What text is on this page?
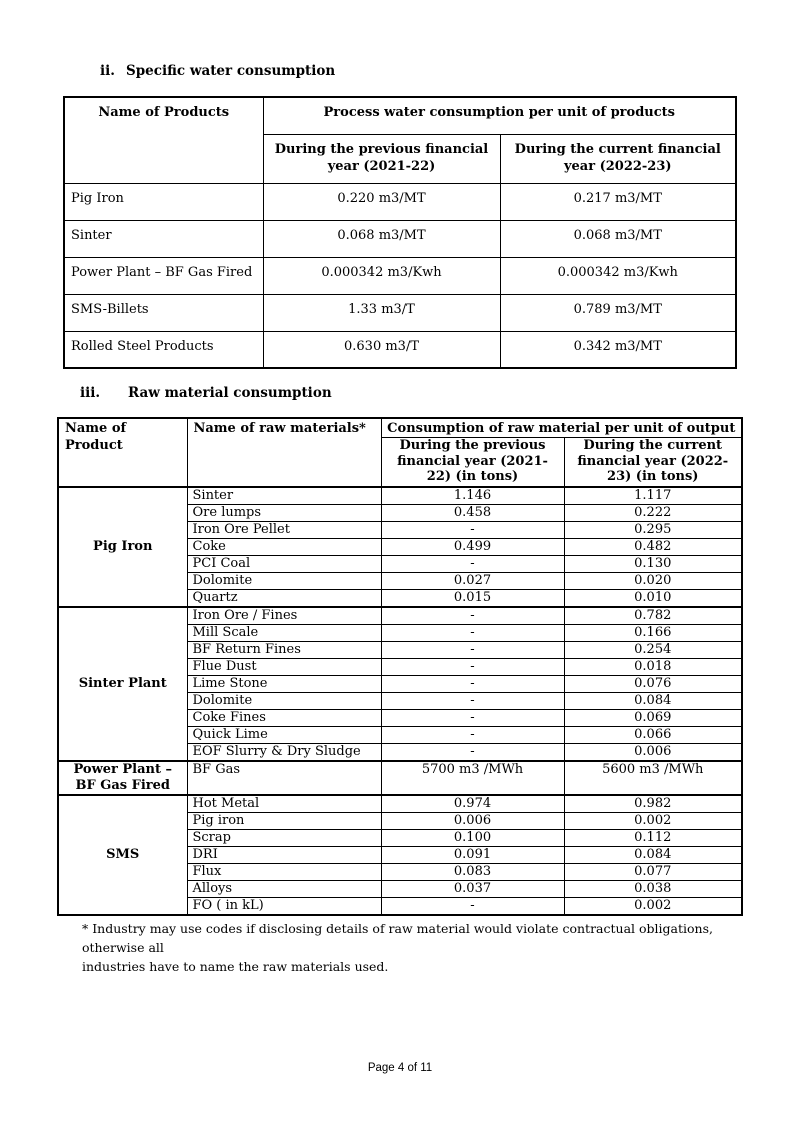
ii. Specific water consumption
Name of Products	Process water consumption per unit of products	
	During the previous financial year (2021-22)	During the current financial year (2022-23)
Pig Iron	0.220 m3/MT	0.217 m3/MT
Sinter	0.068 m3/MT	0.068 m3/MT
Power Plant – BF Gas Fired	0.000342 m3/Kwh	0.000342 m3/Kwh
SMS-Billets	1.33 m3/T	0.789 m3/MT
Rolled Steel Products	0.630 m3/T	0.342 m3/MT
iii. Raw material consumption
Name of Product	Name of raw materials*	Consumption of raw material per unit of output	
		During the previous financial year (2021-22) (in tons)	During the current financial year (2022-23) (in tons)
Pig Iron	Sinter	1.146	1.117
	Ore lumps	0.458	0.222
	Iron Ore Pellet	-	0.295
	Coke	0.499	0.482
	PCI Coal	-	0.130
	Dolomite	0.027	0.020
	Quartz	0.015	0.010
Sinter Plant	Iron Ore / Fines	-	0.782
	Mill Scale	-	0.166
	BF Return Fines	-	0.254
	Flue Dust	-	0.018
	Lime Stone	-	0.076
	Dolomite	-	0.084
	Coke Fines	-	0.069
	Quick Lime	-	0.066
	EOF Slurry & Dry Sludge	-	0.006
Power Plant – BF Gas Fired	BF Gas	5700 m3 /MWh	5600 m3 /MWh
SMS	Hot Metal	0.974	0.982
	Pig iron	0.006	0.002
	Scrap	0.100	0.112
	DRI	0.091	0.084
	Flux	0.083	0.077
	Alloys	0.037	0.038
	FO ( in kL)	-	0.002
* Industry may use codes if disclosing details of raw material would violate contractual obligations, otherwise all
industries have to name the raw materials used.
Page 4 of 11
